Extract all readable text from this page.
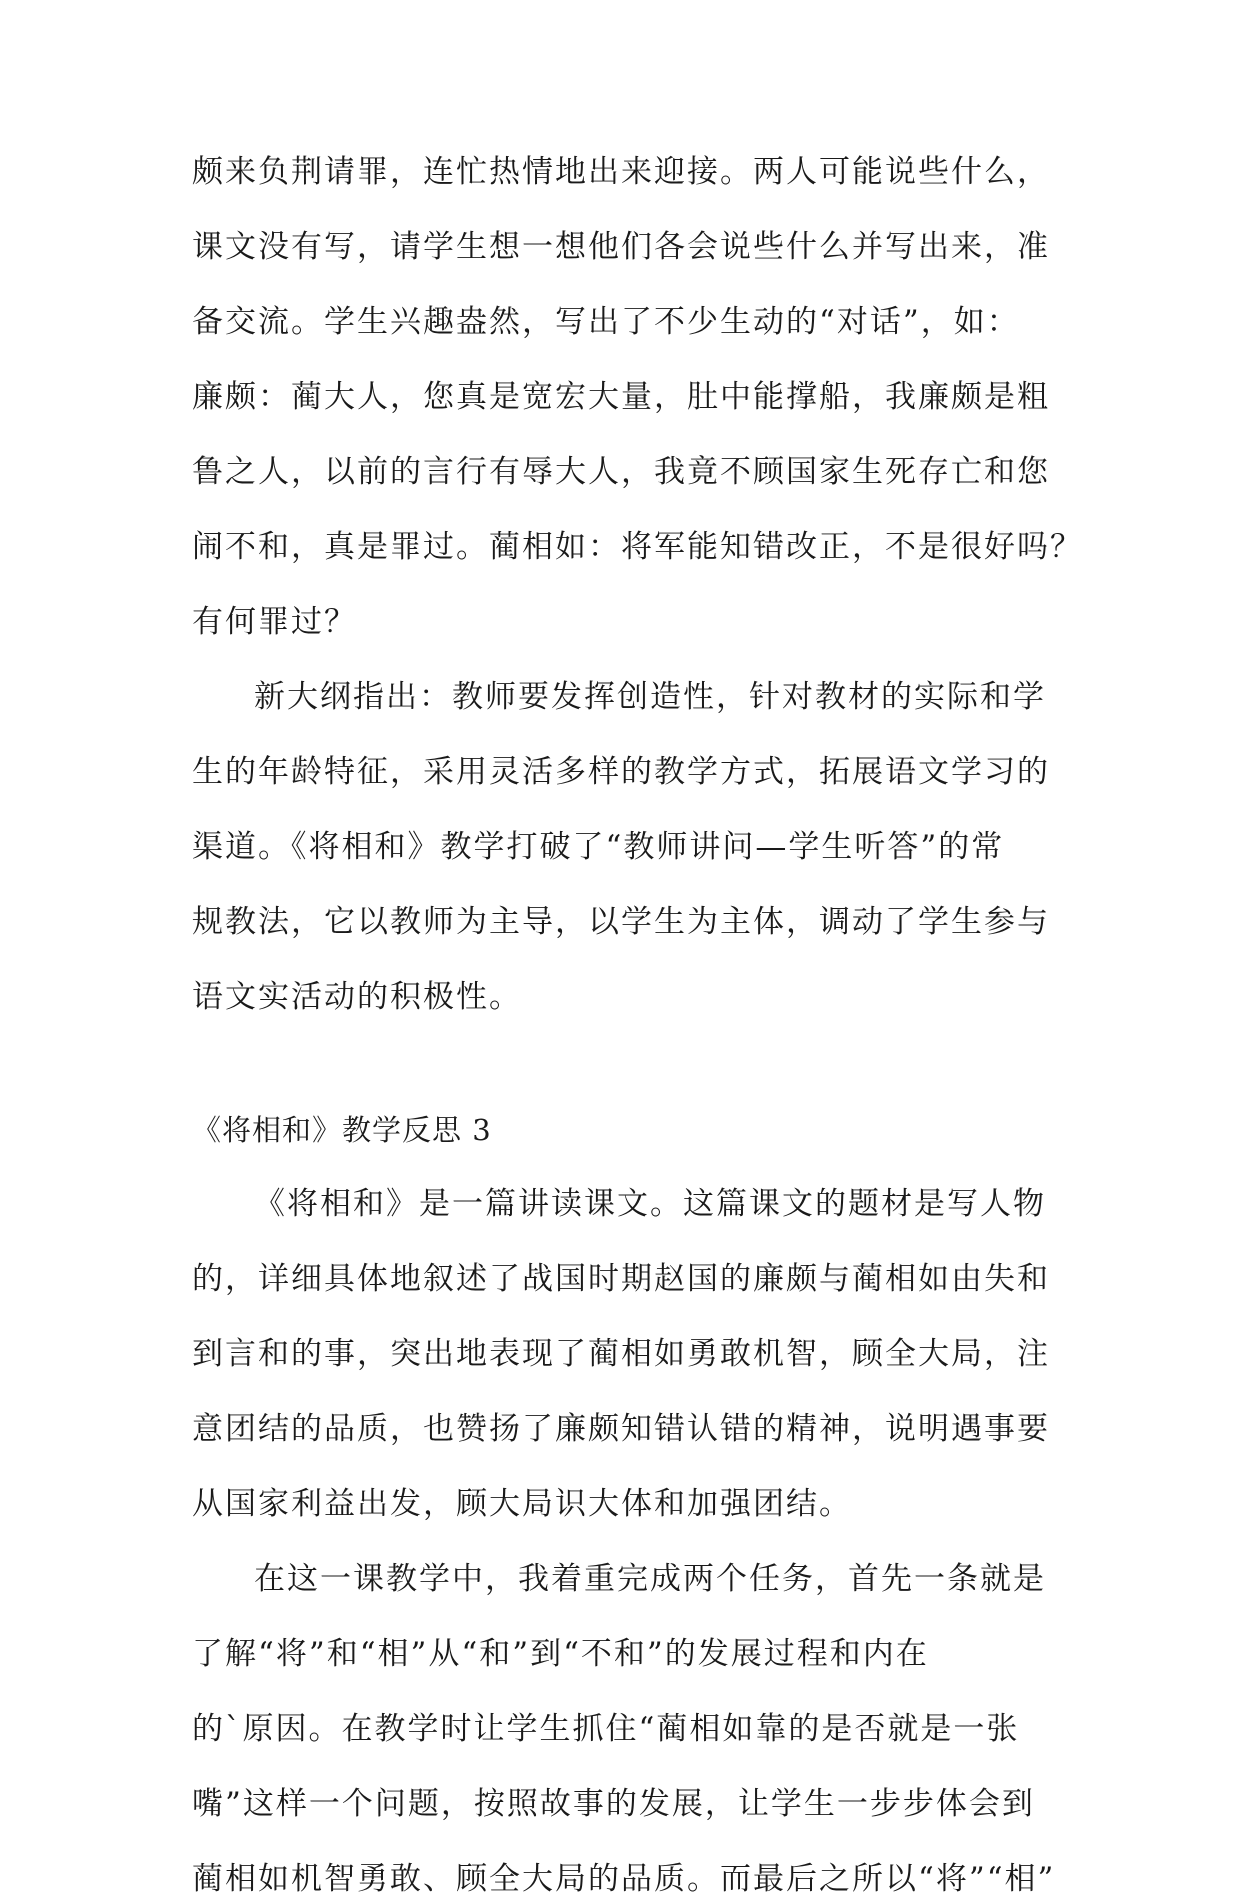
颇来负荆请罪，连忙热情地出来迎接。两人可能说些什么，
课文没有写，请学生想一想他们各会说些什么并写出来，准
备交流。学生兴趣盎然，写出了不少生动的“对话”，如：
廉颇：蔺大人，您真是宽宏大量，肚中能撑船，我廉颇是粗
鲁之人，以前的言行有辱大人，我竟不顾国家生死存亡和您
闹不和，真是罪过。蔺相如：将军能知错改正，不是很好吗？
有何罪过？
新大纲指出：教师要发挥创造性，针对教材的实际和学
生的年龄特征，采用灵活多样的教学方式，拓展语文学习的
渠道。《将相和》教学打破了“教师讲问—学生听答”的常
规教法，它以教师为主导，以学生为主体，调动了学生参与
语文实活动的积极性。
《将相和》教学反思 3
《将相和》是一篇讲读课文。这篇课文的题材是写人物
的，详细具体地叙述了战国时期赵国的廉颇与蔺相如由失和
到言和的事，突出地表现了蔺相如勇敢机智，顾全大局，注
意团结的品质，也赞扬了廉颇知错认错的精神，说明遇事要
从国家利益出发，顾大局识大体和加强团结。
在这一课教学中，我着重完成两个任务，首先一条就是
了解“将”和“相”从“和”到“不和”的发展过程和内在
的`原因。在教学时让学生抓住“蔺相如靠的是否就是一张
嘴”这样一个问题，按照故事的发展，让学生一步步体会到
蔺相如机智勇敢、顾全大局的品质。而最后之所以“将”“相”
